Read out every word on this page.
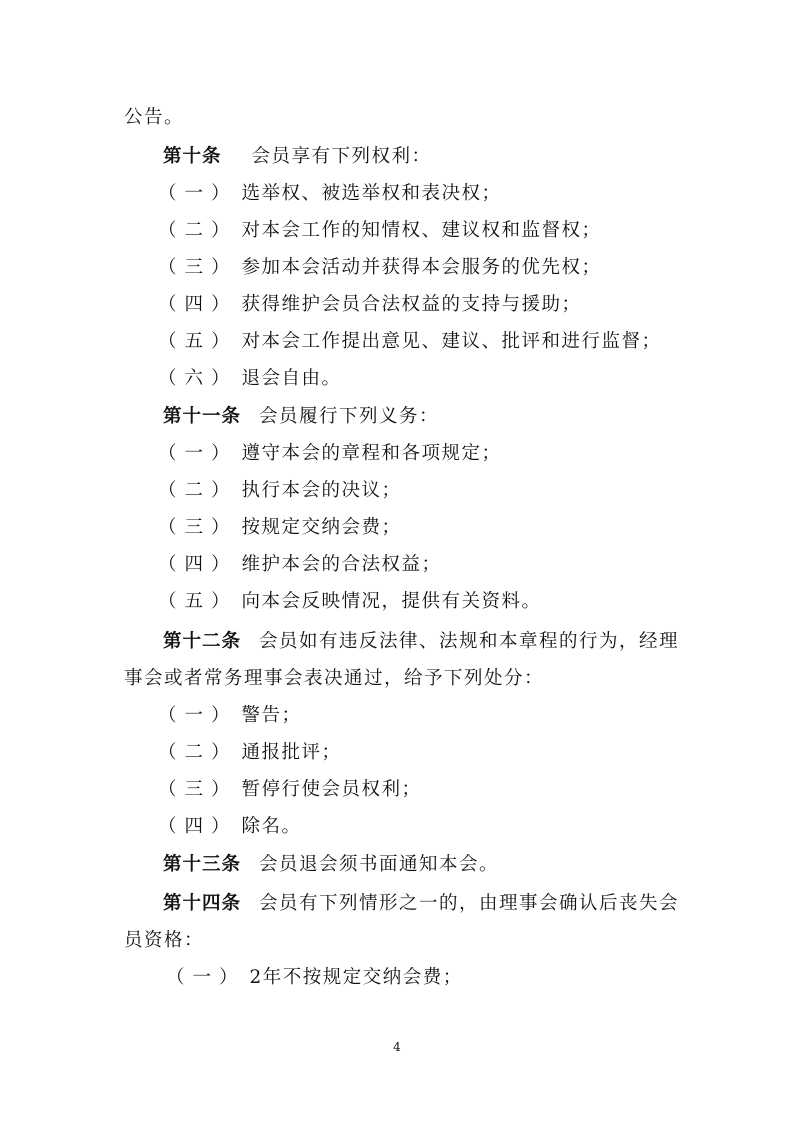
公告。
第十条 会员享有下列权利：
（一） 选举权、被选举权和表决权；
（二） 对本会工作的知情权、建议权和监督权；
（三） 参加本会活动并获得本会服务的优先权；
（四） 获得维护会员合法权益的支持与援助；
（五） 对本会工作提出意见、建议、批评和进行监督；
（六） 退会自由。
第十一条 会员履行下列义务：
（一） 遵守本会的章程和各项规定；
（二） 执行本会的决议；
（三） 按规定交纳会费；
（四） 维护本会的合法权益；
（五） 向本会反映情况，提供有关资料。
第十二条 会员如有违反法律、法规和本章程的行为，经理
事会或者常务理事会表决通过，给予下列处分：
（一） 警告；
（二） 通报批评；
（三） 暂停行使会员权利；
（四） 除名。
第十三条 会员退会须书面通知本会。
第十四条 会员有下列情形之一的，由理事会确认后丧失会
员资格：
（一） 2年不按规定交纳会费；
4
